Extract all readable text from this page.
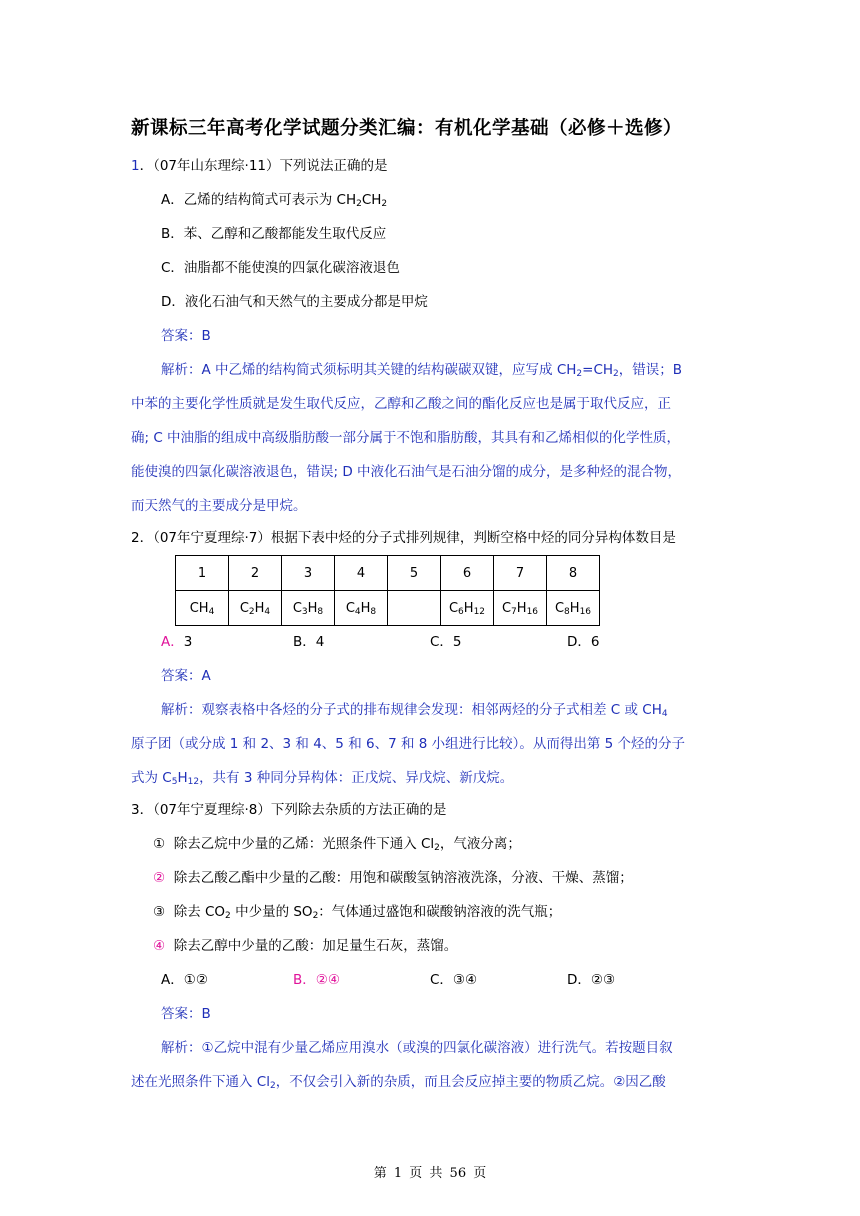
新课标三年高考化学试题分类汇编：有机化学基础（必修＋选修）
1．（07年山东理综·11）下列说法正确的是
A．乙烯的结构简式可表示为 $CH_2CH_2$
B．苯、乙醇和乙酸都能发生取代反应
C．油脂都不能使溴的四氯化碳溶液退色
D．液化石油气和天然气的主要成分都是甲烷
答案：B
解析：A 中乙烯的结构简式须标明其关键的结构碳碳双键，应写成 $CH_2=CH_2$，错误；B
中苯的主要化学性质就是发生取代反应，乙醇和乙酸之间的酯化反应也是属于取代反应，正
确; C 中油脂的组成中高级脂肪酸一部分属于不饱和脂肪酸，其具有和乙烯相似的化学性质，
能使溴的四氯化碳溶液退色，错误; D 中液化石油气是石油分馏的成分，是多种烃的混合物，
而天然气的主要成分是甲烷。
2．（07年宁夏理综·7）根据下表中烃的分子式排列规律，判断空格中烃的同分异构体数目是
1	2	3	4	5	6	7	8
$CH_4$	$C_2H_4$	$C_3H_8$	$C_4H_8$		$C_6H_{12}$	$C_7H_{16}$	$C_8H_{16}$
A．3	B．4	C．5	D．6
答案：A
解析：观察表格中各烃的分子式的排布规律会发现：相邻两烃的分子式相差 C 或 $CH_4$
原子团（或分成 1 和 2、3 和 4、5 和 6、7 和 8 小组进行比较）。从而得出第 5 个烃的分子
式为 $C_5H_{12}$，共有 3 种同分异构体：正戊烷、异戊烷、新戊烷。
3．（07年宁夏理综·8）下列除去杂质的方法正确的是
① 除去乙烷中少量的乙烯：光照条件下通入 $Cl_2$，气液分离；
② 除去乙酸乙酯中少量的乙酸：用饱和碳酸氢钠溶液洗涤，分液、干燥、蒸馏；
③ 除去 $CO_2$ 中少量的 $SO_2$：气体通过盛饱和碳酸钠溶液的洗气瓶；
④ 除去乙醇中少量的乙酸：加足量生石灰，蒸馏。
A．①②	B．②④	C．③④	D．②③
答案：B
解析：①乙烷中混有少量乙烯应用溴水（或溴的四氯化碳溶液）进行洗气。若按题目叙
述在光照条件下通入 $Cl_2$，不仅会引入新的杂质，而且会反应掉主要的物质乙烷。②因乙酸
第 1 页 共 56 页
